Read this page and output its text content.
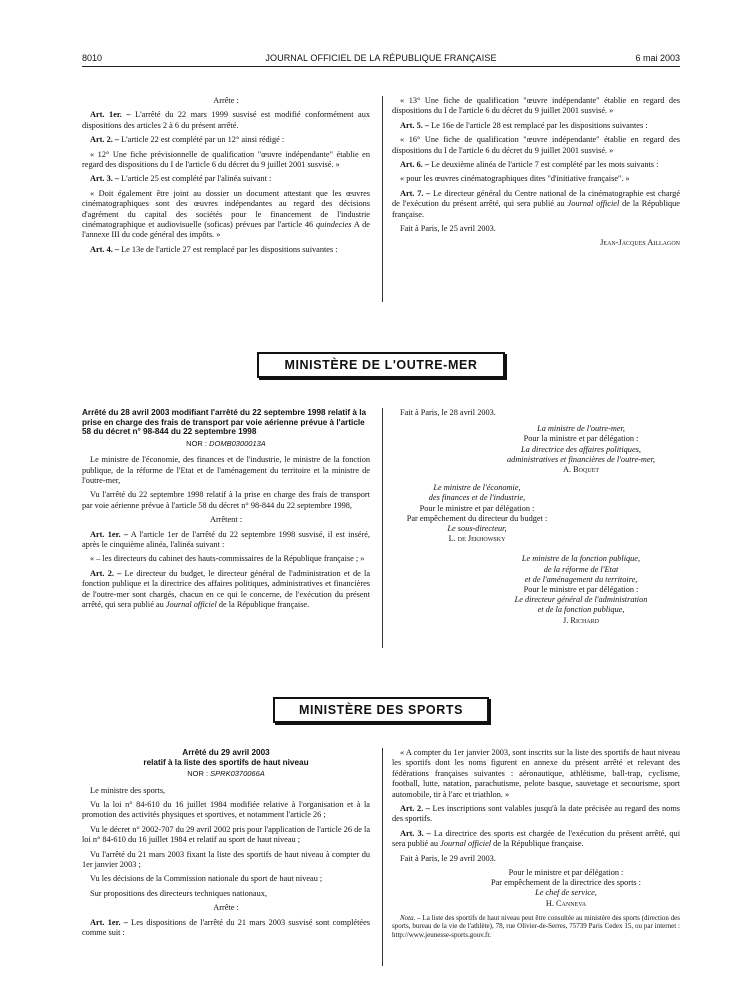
8010	JOURNAL OFFICIEL DE LA RÉPUBLIQUE FRANÇAISE	6 mai 2003

Arrête :

Art. 1er. – L'arrêté du 22 mars 1999 susvisé est modifié conformément aux dispositions des articles 2 à 6 du présent arrêté.

Art. 2. – L'article 22 est complété par un 12° ainsi rédigé :

« 12° Une fiche prévisionnelle de qualification "œuvre indépendante" établie en regard des dispositions du I de l'article 6 du décret du 9 juillet 2001 susvisé. »

Art. 3. – L'article 25 est complété par l'alinéa suivant :

« Doit également être joint au dossier un document attestant que les œuvres cinématographiques sont des œuvres indépendantes au regard des décisions d'agrément du capital des sociétés pour le financement de l'industrie cinématographique et audiovisuelle (soficas) prévues par l'article 46 quindecies A de l'annexe III du code général des impôts. »

Art. 4. – Le 13e de l'article 27 est remplacé par les dispositions suivantes :

« 13° Une fiche de qualification "œuvre indépendante" établie en regard des dispositions du I de l'article 6 du décret du 9 juillet 2001 susvisé. »

Art. 5. – Le 16e de l'article 28 est remplacé par les dispositions suivantes :

« 16° Une fiche de qualification "œuvre indépendante" établie en regard des dispositions du I de l'article 6 du décret du 9 juillet 2001 susvisé. »

Art. 6. – Le deuxième alinéa de l'article 7 est complété par les mots suivants :

« pour les œuvres cinématographiques dites "d'initiative française". »

Art. 7. – Le directeur général du Centre national de la cinématographie est chargé de l'exécution du présent arrêté, qui sera publié au Journal officiel de la République française.

Fait à Paris, le 25 avril 2003.

Jean-Jacques Aillagon

MINISTÈRE DE L'OUTRE-MER
Arrêté du 28 avril 2003 modifiant l'arrêté du 22 septembre 1998 relatif à la prise en charge des frais de transport par voie aérienne prévue à l'article 58 du décret n° 98-844 du 22 septembre 1998
NOR : DOMB0300013A

Le ministre de l'économie, des finances et de l'industrie, le ministre de la fonction publique, de la réforme de l'Etat et de l'aménagement du territoire et la ministre de l'outre-mer,

Vu l'arrêté du 22 septembre 1998 relatif à la prise en charge des frais de transport par voie aérienne prévue à l'article 58 du décret n° 98-844 du 22 septembre 1998,

Arrêtent :

Art. 1er. – A l'article 1er de l'arrêté du 22 septembre 1998 susvisé, il est inséré, après le cinquième alinéa, l'alinéa suivant :

« – les directeurs du cabinet des hauts-commissaires de la République française ; »

Art. 2. – Le directeur du budget, le directeur général de l'administration et de la fonction publique et la directrice des affaires politiques, administratives et financières de l'outre-mer sont chargés, chacun en ce qui le concerne, de l'exécution du présent arrêté, qui sera publié au Journal officiel de la République française.

Fait à Paris, le 28 avril 2003.

La ministre de l'outre-mer,

Pour la ministre et par délégation :

La directrice des affaires politiques,

administratives et financières de l'outre-mer,

A. Boquet

Le ministre de l'économie,

des finances et de l'industrie,

Pour le ministre et par délégation :

Par empêchement du directeur du budget :

Le sous-directeur,

L. de Jekhowsky

Le ministre de la fonction publique,

de la réforme de l'Etat

et de l'aménagement du territoire,

Pour le ministre et par délégation :

Le directeur général de l'administration

et de la fonction publique,

J. Richard

MINISTÈRE DES SPORTS
Arrêté du 29 avril 2003
relatif à la liste des sportifs de haut niveau
NOR : SPRK0370066A

Le ministre des sports,

Vu la loi n° 84-610 du 16 juillet 1984 modifiée relative à l'organisation et à la promotion des activités physiques et sportives, et notamment l'article 26 ;

Vu le décret n° 2002-707 du 29 avril 2002 pris pour l'application de l'article 26 de la loi n° 84-610 du 16 juillet 1984 et relatif au sport de haut niveau ;

Vu l'arrêté du 21 mars 2003 fixant la liste des sportifs de haut niveau à compter du 1er janvier 2003 ;

Vu les décisions de la Commission nationale du sport de haut niveau ;

Sur propositions des directeurs techniques nationaux,

Arrête :

Art. 1er. – Les dispositions de l'arrêté du 21 mars 2003 susvisé sont complétées comme suit :

« A compter du 1er janvier 2003, sont inscrits sur la liste des sportifs de haut niveau les sportifs dont les noms figurent en annexe du présent arrêté et relevant des fédérations françaises suivantes : aéronautique, athlétisme, ball-trap, cyclisme, football, lutte, natation, parachutisme, pelote basque, sauvetage et secourisme, sport automobile, tir à l'arc et triathlon. »

Art. 2. – Les inscriptions sont valables jusqu'à la date précisée au regard des noms des sportifs.

Art. 3. – La directrice des sports est chargée de l'exécution du présent arrêté, qui sera publié au Journal officiel de la République française.

Fait à Paris, le 29 avril 2003.

Pour le ministre et par délégation :

Par empêchement de la directrice des sports :

Le chef de service,

H. Canneva

Nota. – La liste des sportifs de haut niveau peut être consultée au ministère des sports (direction des sports, bureau de la vie de l'athlète), 78, rue Olivier-de-Serres, 75739 Paris Cedex 15, ou par internet : http://www.jeunesse-sports.gouv.fr.
